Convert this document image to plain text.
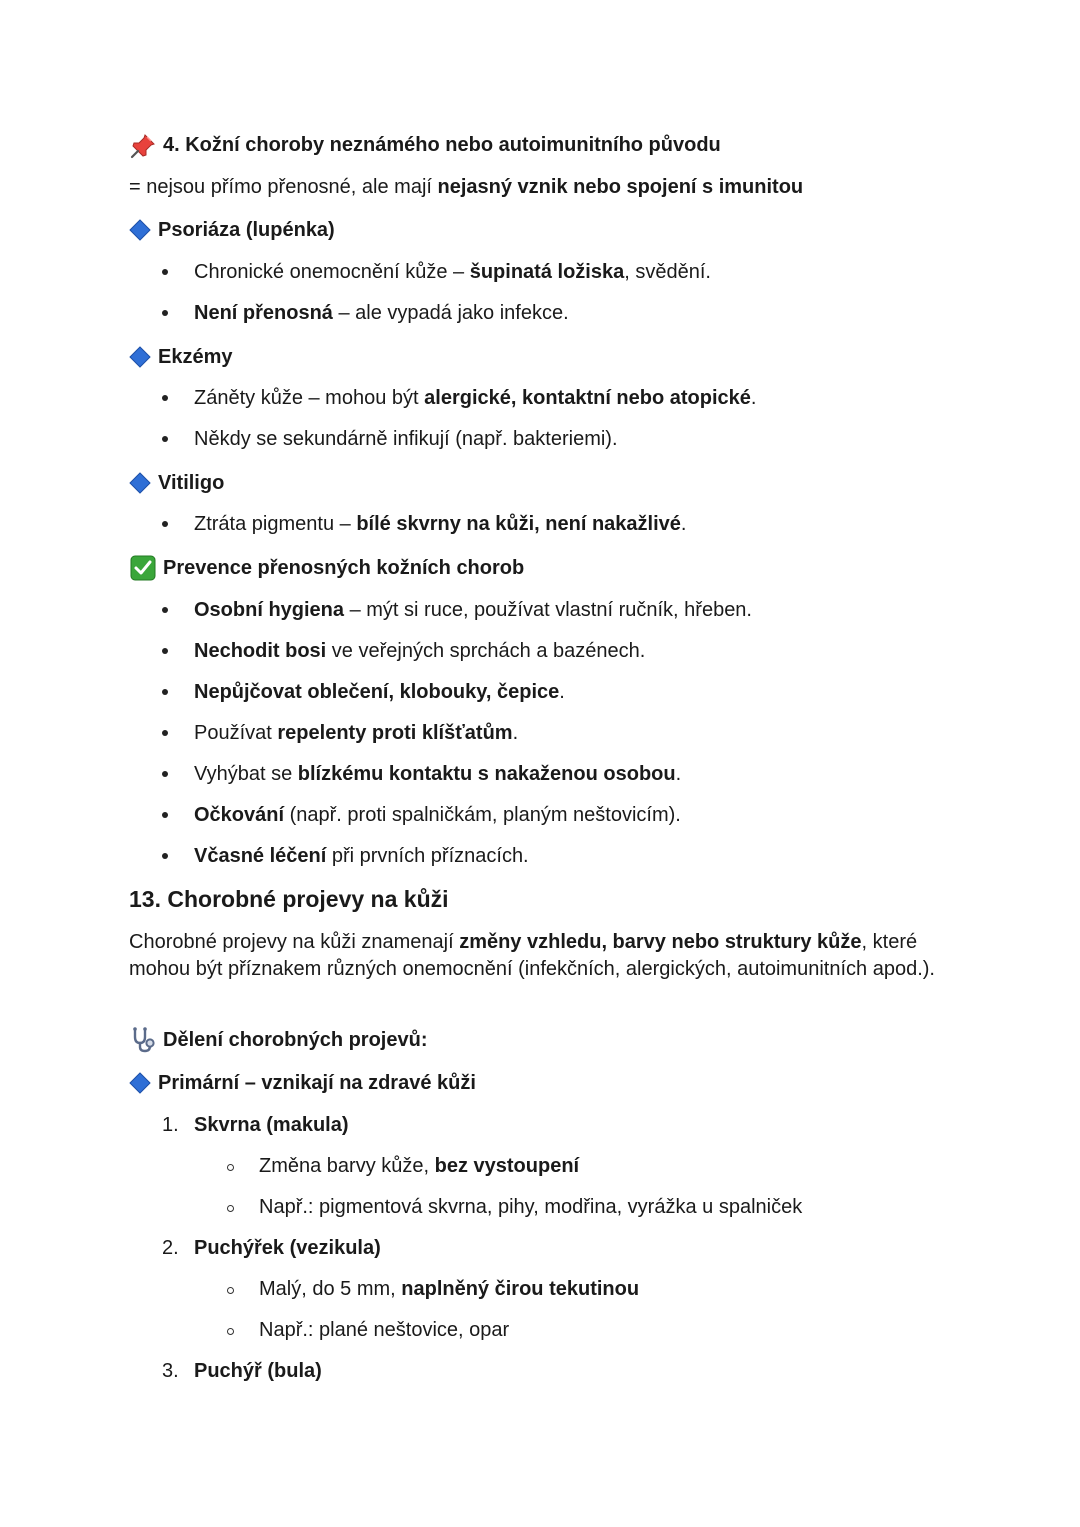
4. Kožní choroby neznámého nebo autoimunitního původu
= nejsou přímo přenosné, ale mají nejasný vznik nebo spojení s imunitou
Psoriáza (lupénka)
Chronické onemocnění kůže – šupinatá ložiska, svědění.
Není přenosná – ale vypadá jako infekce.
Ekzémy
Záněty kůže – mohou být alergické, kontaktní nebo atopické.
Někdy se sekundárně infikují (např. bakteriemi).
Vitiligo
Ztráta pigmentu – bílé skvrny na kůži, není nakažlivé.
Prevence přenosných kožních chorob
Osobní hygiena – mýt si ruce, používat vlastní ručník, hřeben.
Nechodit bosi ve veřejných sprchách a bazénech.
Nepůjčovat oblečení, klobouky, čepice.
Používat repelenty proti klíšťatům.
Vyhýbat se blízkému kontaktu s nakaženou osobou.
Očkování (např. proti spalničkám, planým neštovicím).
Včasné léčení při prvních příznacích.
13. Chorobné projevy na kůži
Chorobné projevy na kůži znamenají změny vzhledu, barvy nebo struktury kůže, které mohou být příznakem různých onemocnění (infekčních, alergických, autoimunitních apod.).
Dělení chorobných projevů:
Primární – vznikají na zdravé kůži
1. Skvrna (makula)
Změna barvy kůže, bez vystoupení
Např.: pigmentová skvrna, pihy, modřina, vyrážka u spalniček
2. Puchýřek (vezikula)
Malý, do 5 mm, naplněný čirou tekutinou
Např.: plané neštovice, opar
3. Puchýř (bula)
